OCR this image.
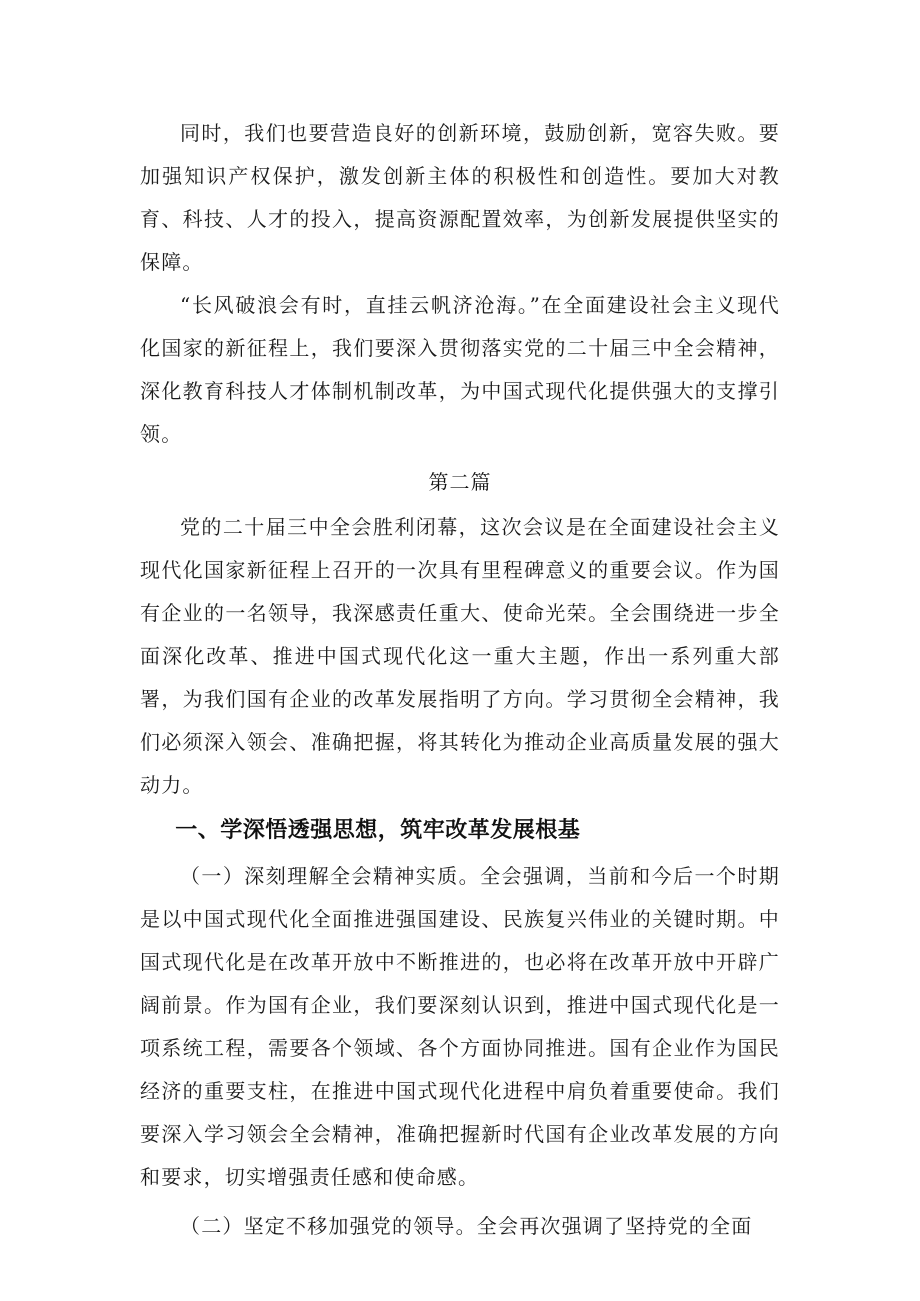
同时，我们也要营造良好的创新环境，鼓励创新，宽容失败。要加强知识产权保护，激发创新主体的积极性和创造性。要加大对教育、科技、人才的投入，提高资源配置效率，为创新发展提供坚实的保障。

“长风破浪会有时，直挂云帆济沧海。”在全面建设社会主义现代化国家的新征程上，我们要深入贯彻落实党的二十届三中全会精神，深化教育科技人才体制机制改革，为中国式现代化提供强大的支撑引领。

第二篇

党的二十届三中全会胜利闭幕，这次会议是在全面建设社会主义现代化国家新征程上召开的一次具有里程碑意义的重要会议。作为国有企业的一名领导，我深感责任重大、使命光荣。全会围绕进一步全面深化改革、推进中国式现代化这一重大主题，作出一系列重大部署，为我们国有企业的改革发展指明了方向。学习贯彻全会精神，我们必须深入领会、准确把握，将其转化为推动企业高质量发展的强大动力。

一、学深悟透强思想，筑牢改革发展根基

（一）深刻理解全会精神实质。全会强调，当前和今后一个时期是以中国式现代化全面推进强国建设、民族复兴伟业的关键时期。中国式现代化是在改革开放中不断推进的，也必将在改革开放中开辟广阔前景。作为国有企业，我们要深刻认识到，推进中国式现代化是一项系统工程，需要各个领域、各个方面协同推进。国有企业作为国民经济的重要支柱，在推进中国式现代化进程中肩负着重要使命。我们要深入学习领会全会精神，准确把握新时代国有企业改革发展的方向和要求，切实增强责任感和使命感。

（二）坚定不移加强党的领导。全会再次强调了坚持党的全面
